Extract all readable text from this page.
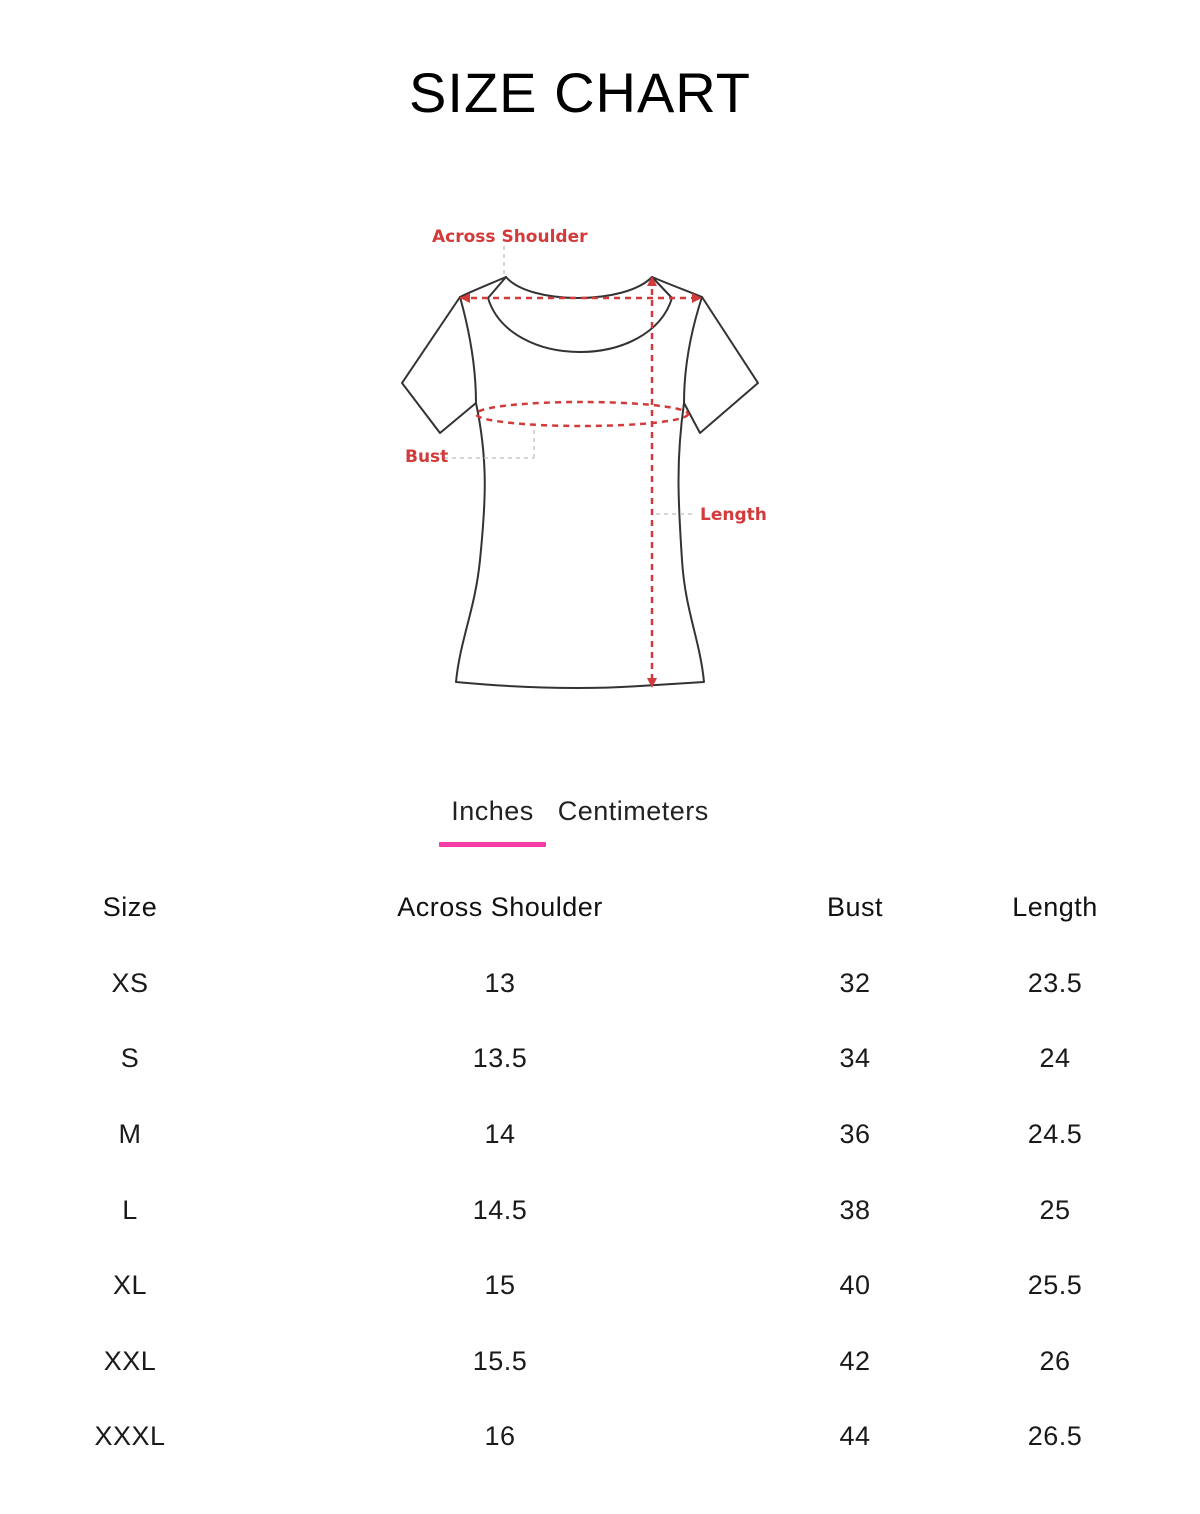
SIZE CHART
Across Shoulder
Bust
Length
Inches Centimeters
Size	Across Shoulder	Bust	Length
XS	13	32	23.5
S	13.5	34	24
M	14	36	24.5
L	14.5	38	25
XL	15	40	25.5
XXL	15.5	42	26
XXXL	16	44	26.5
